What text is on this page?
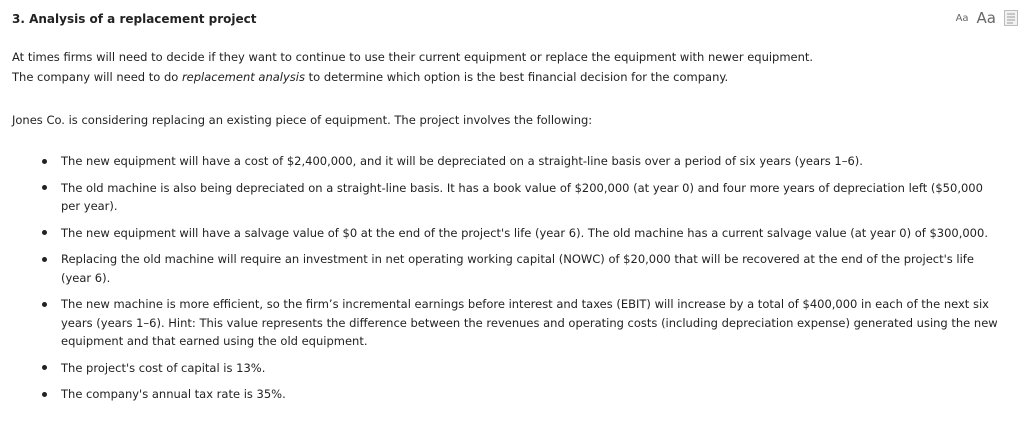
3. Analysis of a replacement project	Aa Aa

At times firms will need to decide if they want to continue to use their current equipment or replace the equipment with newer equipment.

The company will need to do replacement analysis to determine which option is the best financial decision for the company.

Jones Co. is considering replacing an existing piece of equipment. The project involves the following:

The new equipment will have a cost of $2,400,000, and it will be depreciated on a straight-line basis over a period of six years (years 1–6).
The old machine is also being depreciated on a straight-line basis. It has a book value of $200,000 (at year 0) and four more years of depreciation left ($50,000 per year).
The new equipment will have a salvage value of $0 at the end of the project's life (year 6). The old machine has a current salvage value (at year 0) of $300,000.
Replacing the old machine will require an investment in net operating working capital (NOWC) of $20,000 that will be recovered at the end of the project's life (year 6).
The new machine is more efficient, so the firm’s incremental earnings before interest and taxes (EBIT) will increase by a total of $400,000 in each of the next six years (years 1–6). Hint: This value represents the difference between the revenues and operating costs (including depreciation expense) generated using the new equipment and that earned using the old equipment.
The project's cost of capital is 13%.
The company's annual tax rate is 35%.
